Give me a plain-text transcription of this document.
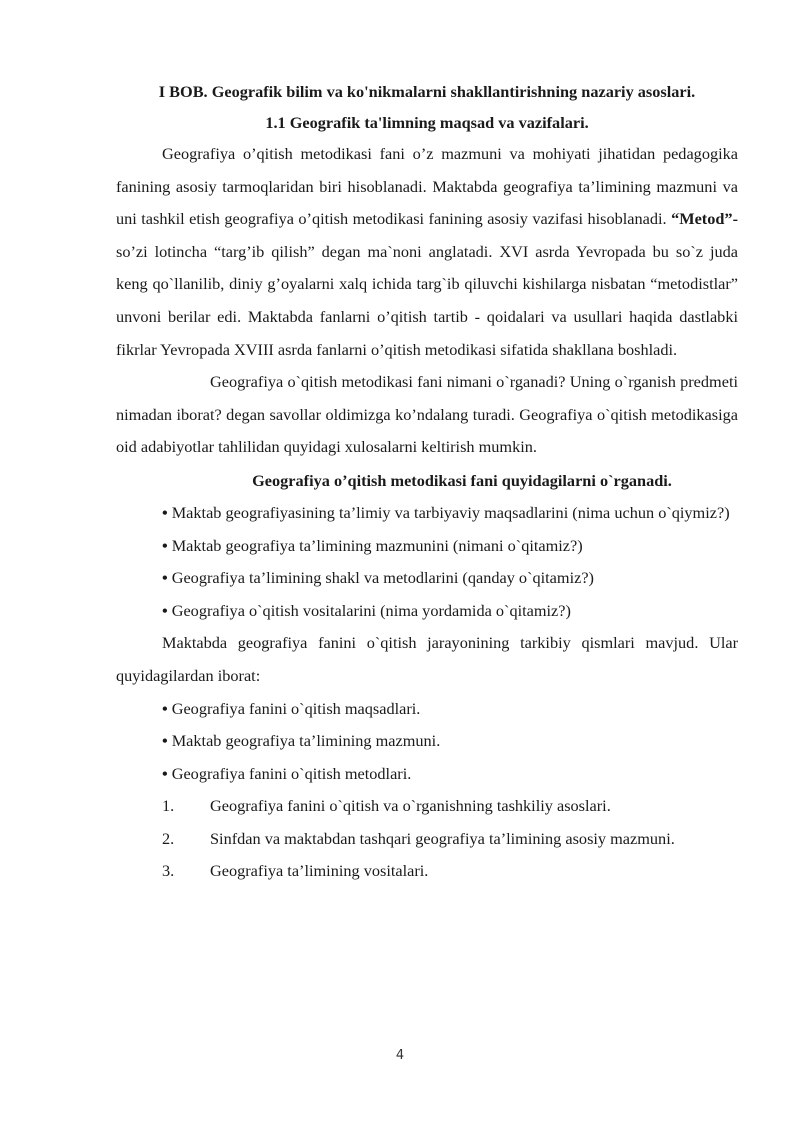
I BOB. Geografik bilim va ko'nikmalarni shakllantirishning nazariy asoslari.

1.1 Geografik ta'limning maqsad va vazifalari.

Geografiya o’qitish metodikasi fani o’z mazmuni va mohiyati jihatidan pedagogika fanining asosiy tarmoqlaridan biri hisoblanadi. Maktabda geografiya ta’limining mazmuni va uni tashkil etish geografiya o’qitish metodikasi fanining asosiy vazifasi hisoblanadi. “Metod”- so’zi lotincha “targ’ib qilish” degan ma`noni anglatadi. XVI asrda Yevropada bu so`z juda keng qo`llanilib, diniy g’oyalarni xalq ichida targ`ib qiluvchi kishilarga nisbatan “metodistlar” unvoni berilar edi. Maktabda fanlarni o’qitish tartib - qoidalari va usullari haqida dastlabki fikrlar Yevropada XVIII asrda fanlarni o’qitish metodikasi sifatida shakllana boshladi.

Geografiya o`qitish metodikasi fani nimani o`rganadi? Uning o`rganish predmeti nimadan iborat? degan savollar oldimizga ko’ndalang turadi. Geografiya o`qitish metodikasiga oid adabiyotlar tahlilidan quyidagi xulosalarni keltirish mumkin.

Geografiya o’qitish metodikasi fani quyidagilarni o`rganadi.

• Maktab geografiyasining ta’limiy va tarbiyaviy maqsadlarini (nima uchun o`qiymiz?)

• Maktab geografiya ta’limining mazmunini (nimani o`qitamiz?)

• Geografiya ta’limining shakl va metodlarini (qanday o`qitamiz?)

• Geografiya o`qitish vositalarini (nima yordamida o`qitamiz?)

Maktabda geografiya fanini o`qitish jarayonining tarkibiy qismlari mavjud. Ular quyidagilardan iborat:

• Geografiya fanini o`qitish maqsadlari.

• Maktab geografiya ta’limining mazmuni.

• Geografiya fanini o`qitish metodlari.

1. Geografiya fanini o`qitish va o`rganishning tashkiliy asoslari.

2. Sinfdan va maktabdan tashqari geografiya ta’limining asosiy mazmuni.

3. Geografiya ta’limining vositalari.

4
